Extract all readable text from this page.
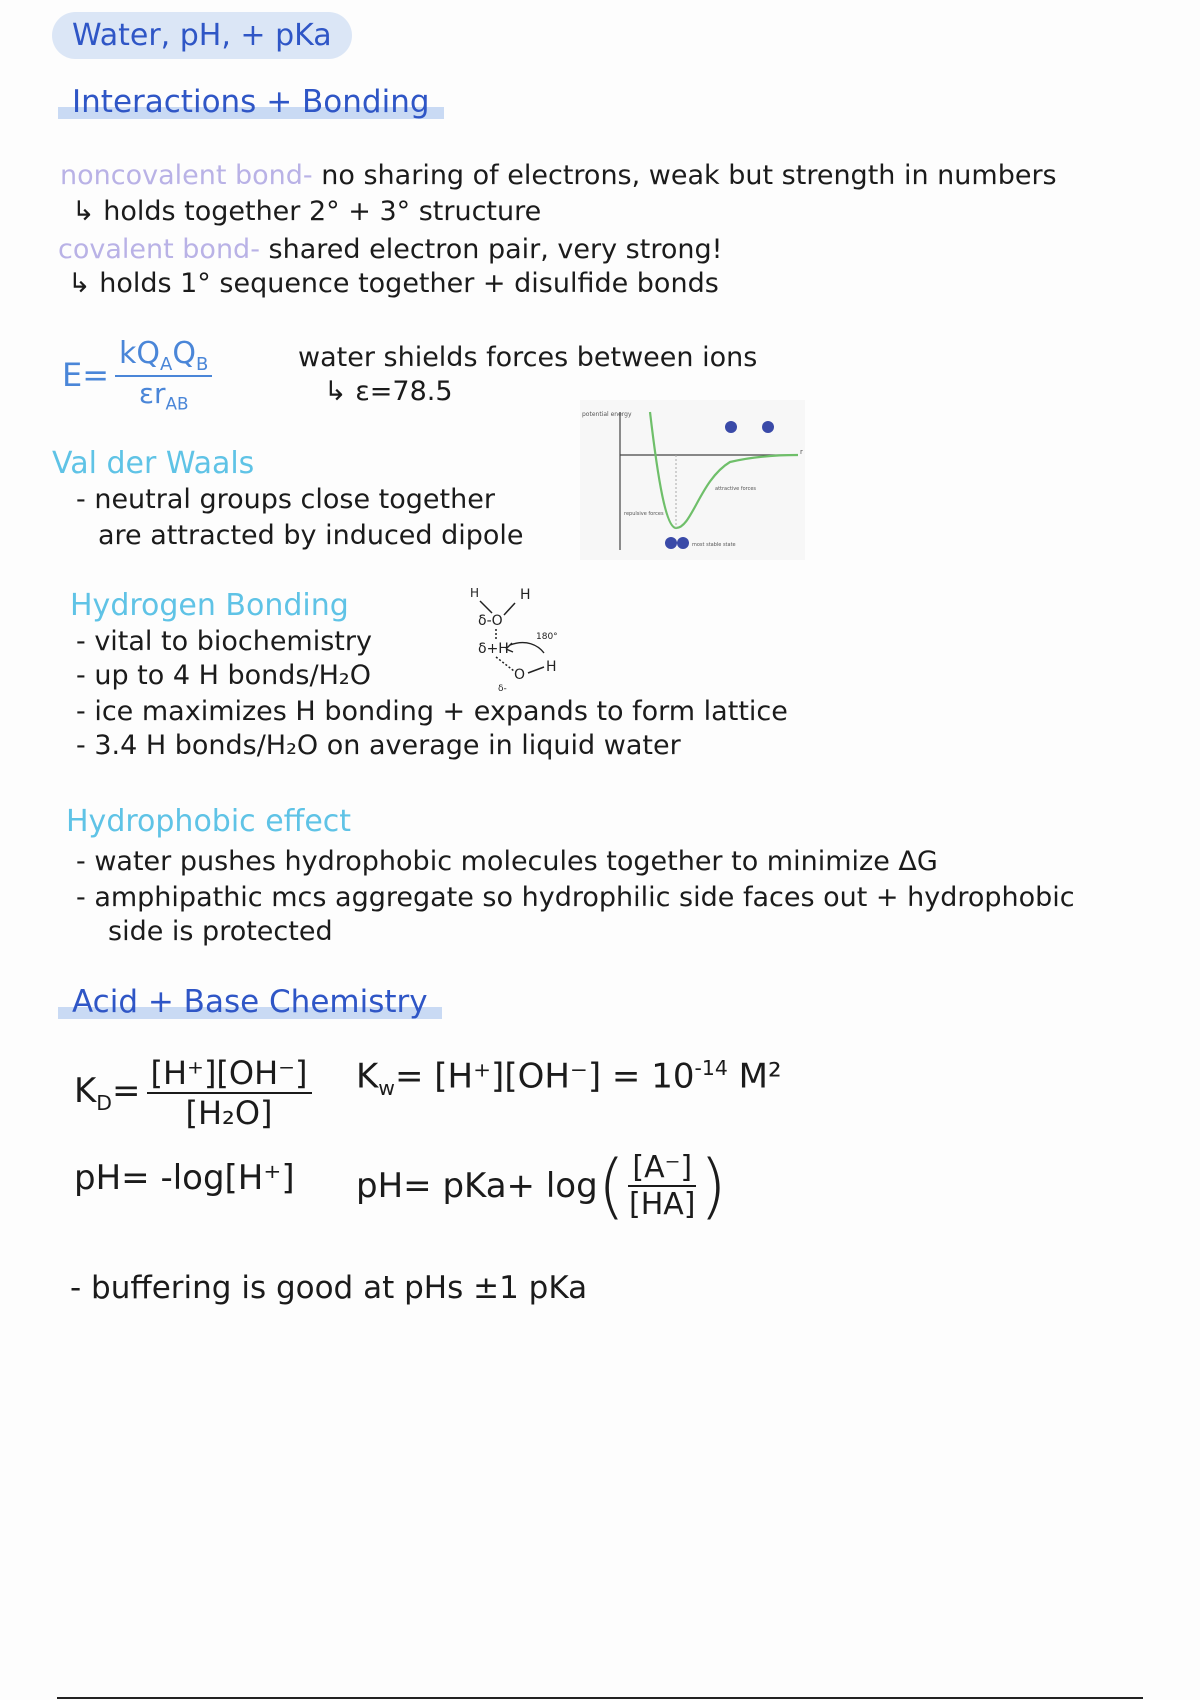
Water, pH, + pKa
Interactions + Bonding
noncovalent bond- no sharing of electrons, weak but strength in numbers
↳ holds together 2° + 3° structure
covalent bond- shared electron pair, very strong!
↳ holds 1° sequence together + disulfide bonds
$E= \frac{kQ_AQ_B}{\varepsilon r_{AB}}$	water shields forces between ions
↳ ε=78.5
Val der Waals
- neutral groups close together
are attracted by induced dipole
potential energy
r
attractive forces
repulsive forces
most stable state
Hydrogen Bonding
- vital to biochemistry
- up to 4 H bonds/H₂O
- ice maximizes H bonding + expands to form lattice
- 3.4 H bonds/H₂O on average in liquid water
H	H
δ-O
δ+H
180°
O H
δ-
Hydrophobic effect
- water pushes hydrophobic molecules together to minimize ΔG
- amphipathic mcs aggregate so hydrophilic side faces out + hydrophobic
side is protected
Acid + Base Chemistry
$K_D= \frac{[H^+][OH^-]}{\text{[H₂O]}} K_w= [H^+][OH^-] = 10^{-14}$ M²
pH= -log[H⁺] pH= pKa+ log ( $\frac{[A^-]}{[HA]}$ )
- buffering is good at pHs ±1 pKa
